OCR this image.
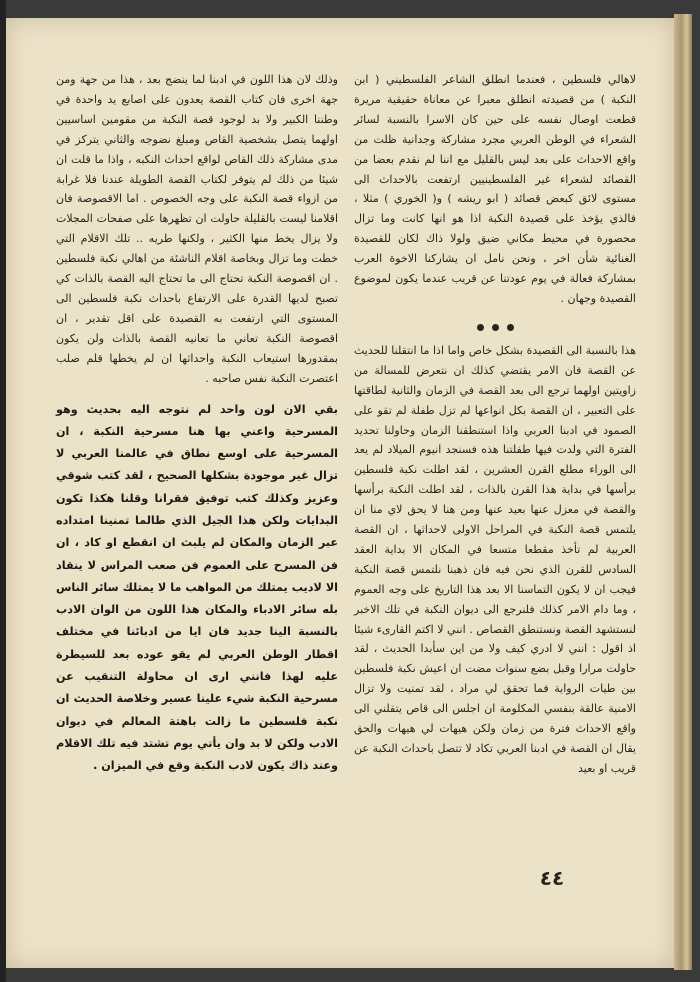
لاهالي فلسطين ، فعندما انطلق الشاعر الفلسطيني ( ابن النكبة ) من قصيدته انطلق معبرا عن معاناة حقيقية مريرة قطعت اوصال نفسه على حين كان الاسرا بالنسبة لسائر الشعراء في الوطن العربي مجرد مشاركة وجدانية ظلت من واقع الاحداث على بعد ليس بالقليل مع اننا لم نقدم بعضا من القصائد لشعراء غير الفلسطينيين ارتفعت بالاحداث الى مستوى لائق كبعض قصائد ( ابو ريشه ) و( الخوري ) مثلا ، فالذي يؤخذ على قصيدة النكبة اذا هو انها كانت وما تزال محصورة في محيط مكاني ضيق ولولا ذاك لكان للقصيدة الغنائية شأن اخر ، ونحن نامل ان يشاركنا الاخوة العرب بمشاركة فعالة في يوم عودتنا عن قريب عندما يكون لموضوع القصيدة وجهان .

هذا بالنسبة الى القصيدة بشكل خاص واما اذا ما انتقلنا للحديث عن القصة فان الامر يقتضي كذلك ان نتعرض للمسالة من زاويتين اولهما ترجع الى بعد القصة في الزمان والثانية لطاقتها على التعبير ، ان القصة بكل انواعها لم تزل طفلة لم تقو على الصمود في ادبنا العربي واذا استنطقنا الزمان وحاولنا تحديد الفترة التي ولدت فيها طفلتنا هذه فسنجد انيوم الميلاد لم يعد الى الوراء مطلع القرن العشرين ، لقد اطلت نكبة فلسطين برأسها في بداية هذا القرن بالذات ، لقد اطلت النكبة برأسها والقصة في معزل عنها بعيد عنها ومن هنا لا يحق لاي منا ان يلتمس قصة النكبة في المراحل الاولى لاحداثها ، ان القصة العربية لم تأخذ مقطعا متسعا في المكان الا بداية العقد السادس للقرن الذي نحن فيه فان ذهبنا نلتمس قصة النكبة فيجب ان لا يكون التماسنا الا بعد هذا التاريخ على وجه العموم ، وما دام الامر كذلك فلنرجع الى ديوان النكبة في تلك الاخبر لنستشهد القصة ونستنطق القصاص . انني لا اكتم القارىء شيئا اذ اقول : انني لا ادري كيف ولا من اين سأبدا الحديث ، لقد حاولت مرارا وقبل بضع سنوات مضت ان اعيش نكبة فلسطين بين طيات الرواية فما تحقق لي مراد ، لقد تمنيت ولا تزال الامنية عالقة بنفسي المكلومة ان اجلس الى قاص يتقلني الى واقع الاحداث فترة من زمان ولكن هيهات لي هيهات والحق يقال ان القصة في ادبنا العربي تكاد لا تتصل باحداث النكبة عن قريب او بعيد

وذلك لان هذا اللون في ادبنا لما ينضج بعد ، هذا من جهة ومن جهة اخرى فان كتاب القصة يعدون على اصابع يد واحدة في وطننا الكبير ولا بد لوجود قصة النكبة من مقومين اساسيين اولهما يتصل بشخصية القاص ومبلغ نضوجه والثاني يتركز في مدى مشاركة ذلك القاص لواقع احداث النكبه ، واذا ما قلت ان شيئا من ذلك لم يتوفر لكتاب القصة الطويلة عندنا فلا غرابة من ازواء قصة النكبة على وجه الخصوص . اما الاقصوصة فان اقلامنا ليست بالقليلة حاولت ان تظهرها على صفحات المجلات ولا يزال يخط منها الكثير ، ولكنها طريه .. تلك الاقلام التي خطت وما تزال وبخاصة اقلام الناشئة من اهالي نكبة فلسطين . ان اقصوصة النكبة تحتاج الى ما تحتاج اليه القصة بالذات كي تصبح لديها القدرة على الارتفاع باحداث نكبة فلسطين الى المستوى التي ارتفعت به القصيدة على اقل تقدير ، ان اقصوصة النكبة تعاني ما تعانيه القصة بالذات ولن يكون بمقدورها استيعاب النكبة واحداثها ان لم يخطها قلم صلب اعتصرت النكبة نفس صاحبه .

بقي الان لون واحد لم نتوجه اليه بحديث وهو المسرحية واعني بها هنا مسرحية النكبة ، ان المسرحية على اوسع نطاق في عالمنا العربي لا تزال غير موجودة بشكلها الصحيح ، لقد كتب شوقي وعزيز وكذلك كتب توفيق فقرانا وقلنا هكذا تكون البدايات ولكن هذا الجيل الذي طالما تمنينا امتداده عبر الزمان والمكان لم يلبث ان انقطع او كاد ، ان فن المسرح على العموم فن صعب المراس لا ينقاد الا لاديب يمتلك من المواهب ما لا يمتلك سائر الناس بله سائر الادباء والمكان هذا اللون من الوان الادب بالنسبة الينا جديد فان ايا من ادبائنا في مختلف اقطار الوطن العربي لم يقو عوده بعد للسيطرة عليه لهذا فانني ارى ان محاولة التنقيب عن مسرحية النكبة شيء علينا عسير وخلاصة الحديث ان نكبة فلسطين ما زالت باهتة المعالم في ديوان الادب ولكن لا بد وان يأتي يوم تشتد فيه تلك الاقلام وعند ذاك يكون لادب النكبة وقع في الميزان .

٤٤
